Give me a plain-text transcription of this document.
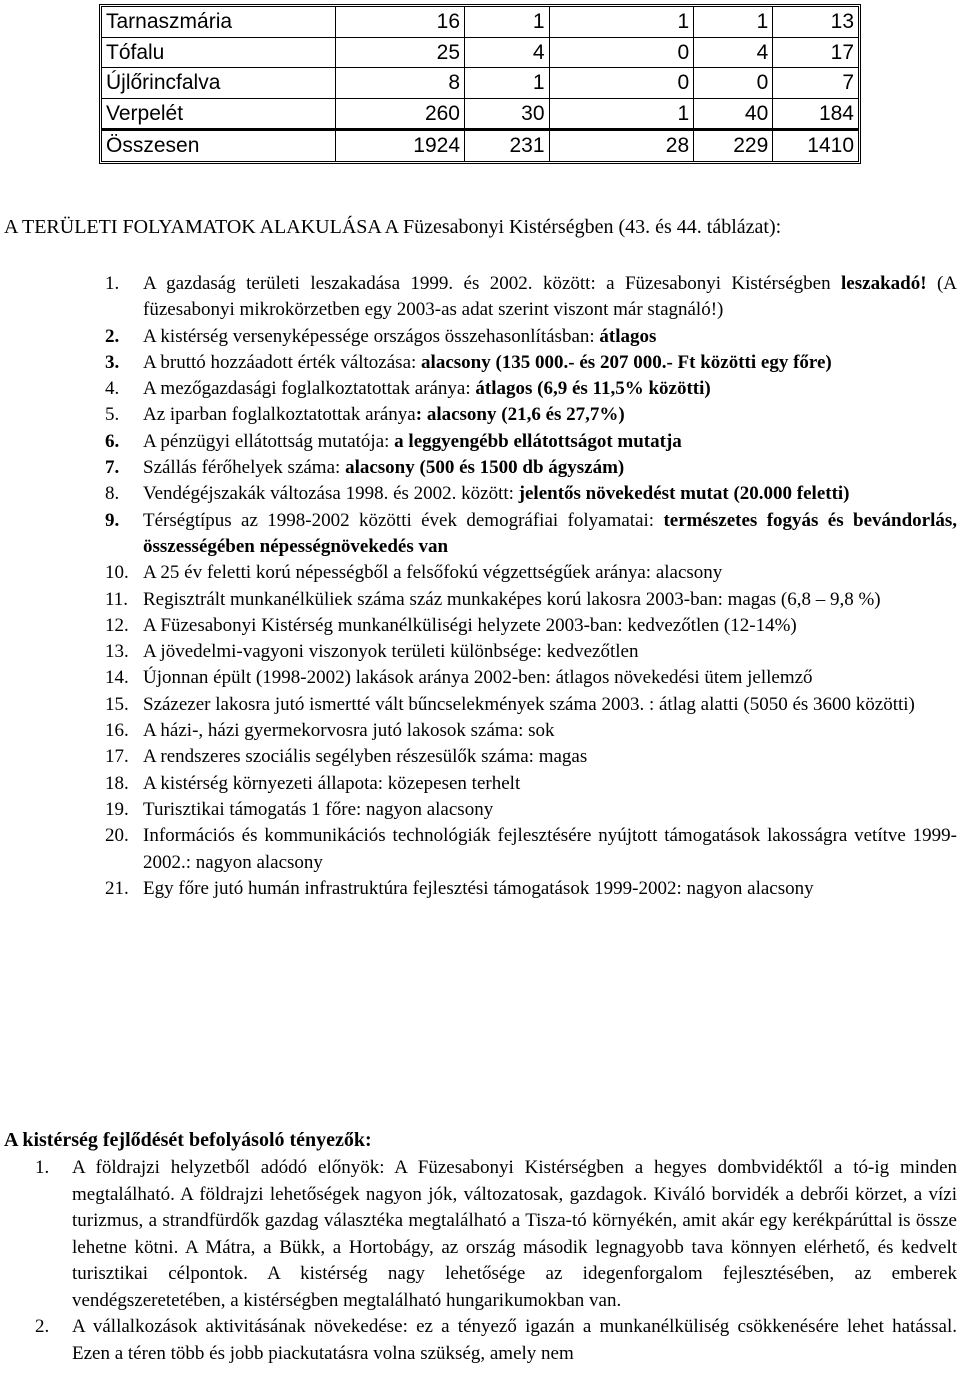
Tarnaszmária	16	1	1	1	13
Tófalu	25	4	0	4	17
Újlőrincfalva	8	1	0	0	7
Verpelét	260	30	1	40	184
Összesen	1924	231	28	229	1410
A TERÜLETI FOLYAMATOK ALAKULÁSA A Füzesabonyi Kistérségben (43. és 44. táblázat):
1. A gazdaság területi leszakadása 1999. és 2002. között: a Füzesabonyi Kistérségben leszakadó! (A füzesabonyi mikrokörzetben egy 2003-as adat szerint viszont már stagnáló!)
2. A kistérség versenyképessége országos összehasonlításban: átlagos
3. A bruttó hozzáadott érték változása: alacsony (135 000.- és 207 000.- Ft közötti egy főre)
4. A mezőgazdasági foglalkoztatottak aránya: átlagos (6,9 és 11,5% közötti)
5. Az iparban foglalkoztatottak aránya: alacsony (21,6 és 27,7%)
6. A pénzügyi ellátottság mutatója: a leggyengébb ellátottságot mutatja
7. Szállás férőhelyek száma: alacsony (500 és 1500 db ágyszám)
8. Vendégéjszakák változása 1998. és 2002. között: jelentős növekedést mutat (20.000 feletti)
9. Térségtípus az 1998-2002 közötti évek demográfiai folyamatai: természetes fogyás és bevándorlás, összességében népességnövekedés van
10. A 25 év feletti korú népességből a felsőfokú végzettségűek aránya: alacsony
11. Regisztrált munkanélküliek száma száz munkaképes korú lakosra 2003-ban: magas (6,8 – 9,8 %)
12. A Füzesabonyi Kistérség munkanélküliségi helyzete 2003-ban: kedvezőtlen (12-14%)
13. A jövedelmi-vagyoni viszonyok területi különbsége: kedvezőtlen
14. Újonnan épült (1998-2002) lakások aránya 2002-ben: átlagos növekedési ütem jellemző
15. Százezer lakosra jutó ismertté vált bűncselekmények száma 2003. : átlag alatti (5050 és 3600 közötti)
16. A házi-, házi gyermekorvosra jutó lakosok száma: sok
17. A rendszeres szociális segélyben részesülők száma: magas
18. A kistérség környezeti állapota: közepesen terhelt
19. Turisztikai támogatás 1 főre: nagyon alacsony
20. Információs és kommunikációs technológiák fejlesztésére nyújtott támogatások lakosságra vetítve 1999-2002.: nagyon alacsony
21. Egy főre jutó humán infrastruktúra fejlesztési támogatások 1999-2002: nagyon alacsony
A kistérség fejlődését befolyásoló tényezők:
1. A földrajzi helyzetből adódó előnyök: A Füzesabonyi Kistérségben a hegyes dombvidéktől a tó-ig minden megtalálható. A földrajzi lehetőségek nagyon jók, változatosak, gazdagok. Kiváló borvidék a debrői körzet, a vízi turizmus, a strandfürdők gazdag választéka megtalálható a Tisza-tó környékén, amit akár egy kerékpárúttal is össze lehetne kötni. A Mátra, a Bükk, a Hortobágy, az ország második legnagyobb tava könnyen elérhető, és kedvelt turisztikai célpontok. A kistérség nagy lehetősége az idegenforgalom fejlesztésében, az emberek vendégszeretetében, a kistérségben megtalálható hungarikumokban van.
2. A vállalkozások aktivitásának növekedése: ez a tényező igazán a munkanélküliség csökkenésére lehet hatással. Ezen a téren több és jobb piackutatásra volna szükség, amely nem
